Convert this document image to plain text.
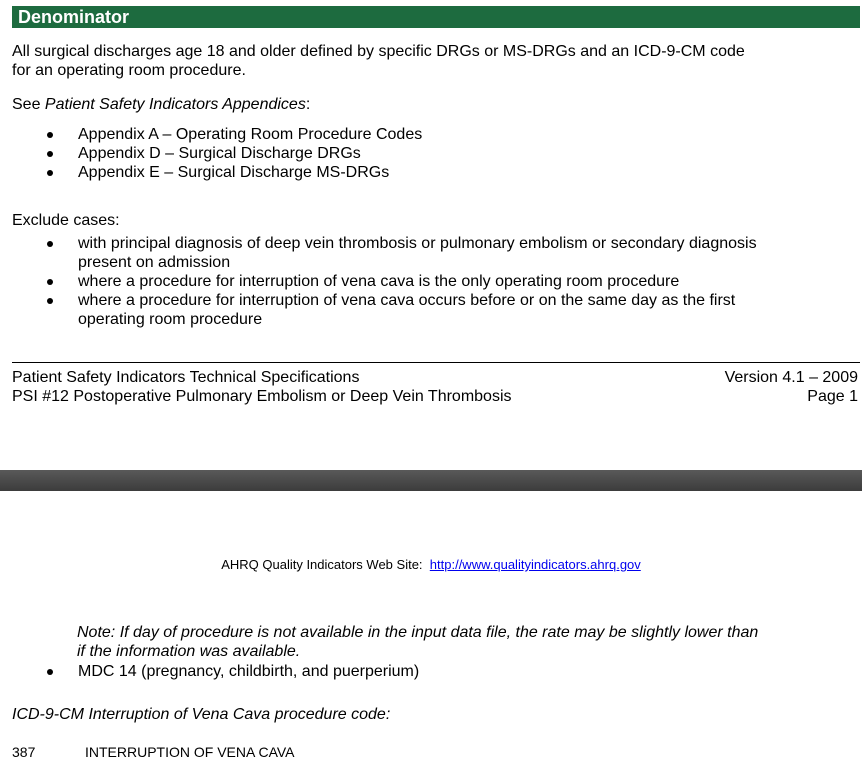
Denominator
All surgical discharges age 18 and older defined by specific DRGs or MS-DRGs and an ICD-9-CM code
for an operating room procedure.
See Patient Safety Indicators Appendices:
Appendix A – Operating Room Procedure Codes
Appendix D – Surgical Discharge DRGs
Appendix E – Surgical Discharge MS-DRGs
Exclude cases:
with principal diagnosis of deep vein thrombosis or pulmonary embolism or secondary diagnosis
present on admission
where a procedure for interruption of vena cava is the only operating room procedure
where a procedure for interruption of vena cava occurs before or on the same day as the first
operating room procedure
Patient Safety Indicators Technical Specifications	Version 4.1 – 2009
PSI #12 Postoperative Pulmonary Embolism or Deep Vein Thrombosis	Page 1
AHRQ Quality Indicators Web Site: http://www.qualityindicators.ahrq.gov
Note: If day of procedure is not available in the input data file, the rate may be slightly lower than
if the information was available.
MDC 14 (pregnancy, childbirth, and puerperium)
ICD-9-CM Interruption of Vena Cava procedure code:
387	INTERRUPTION OF VENA CAVA
